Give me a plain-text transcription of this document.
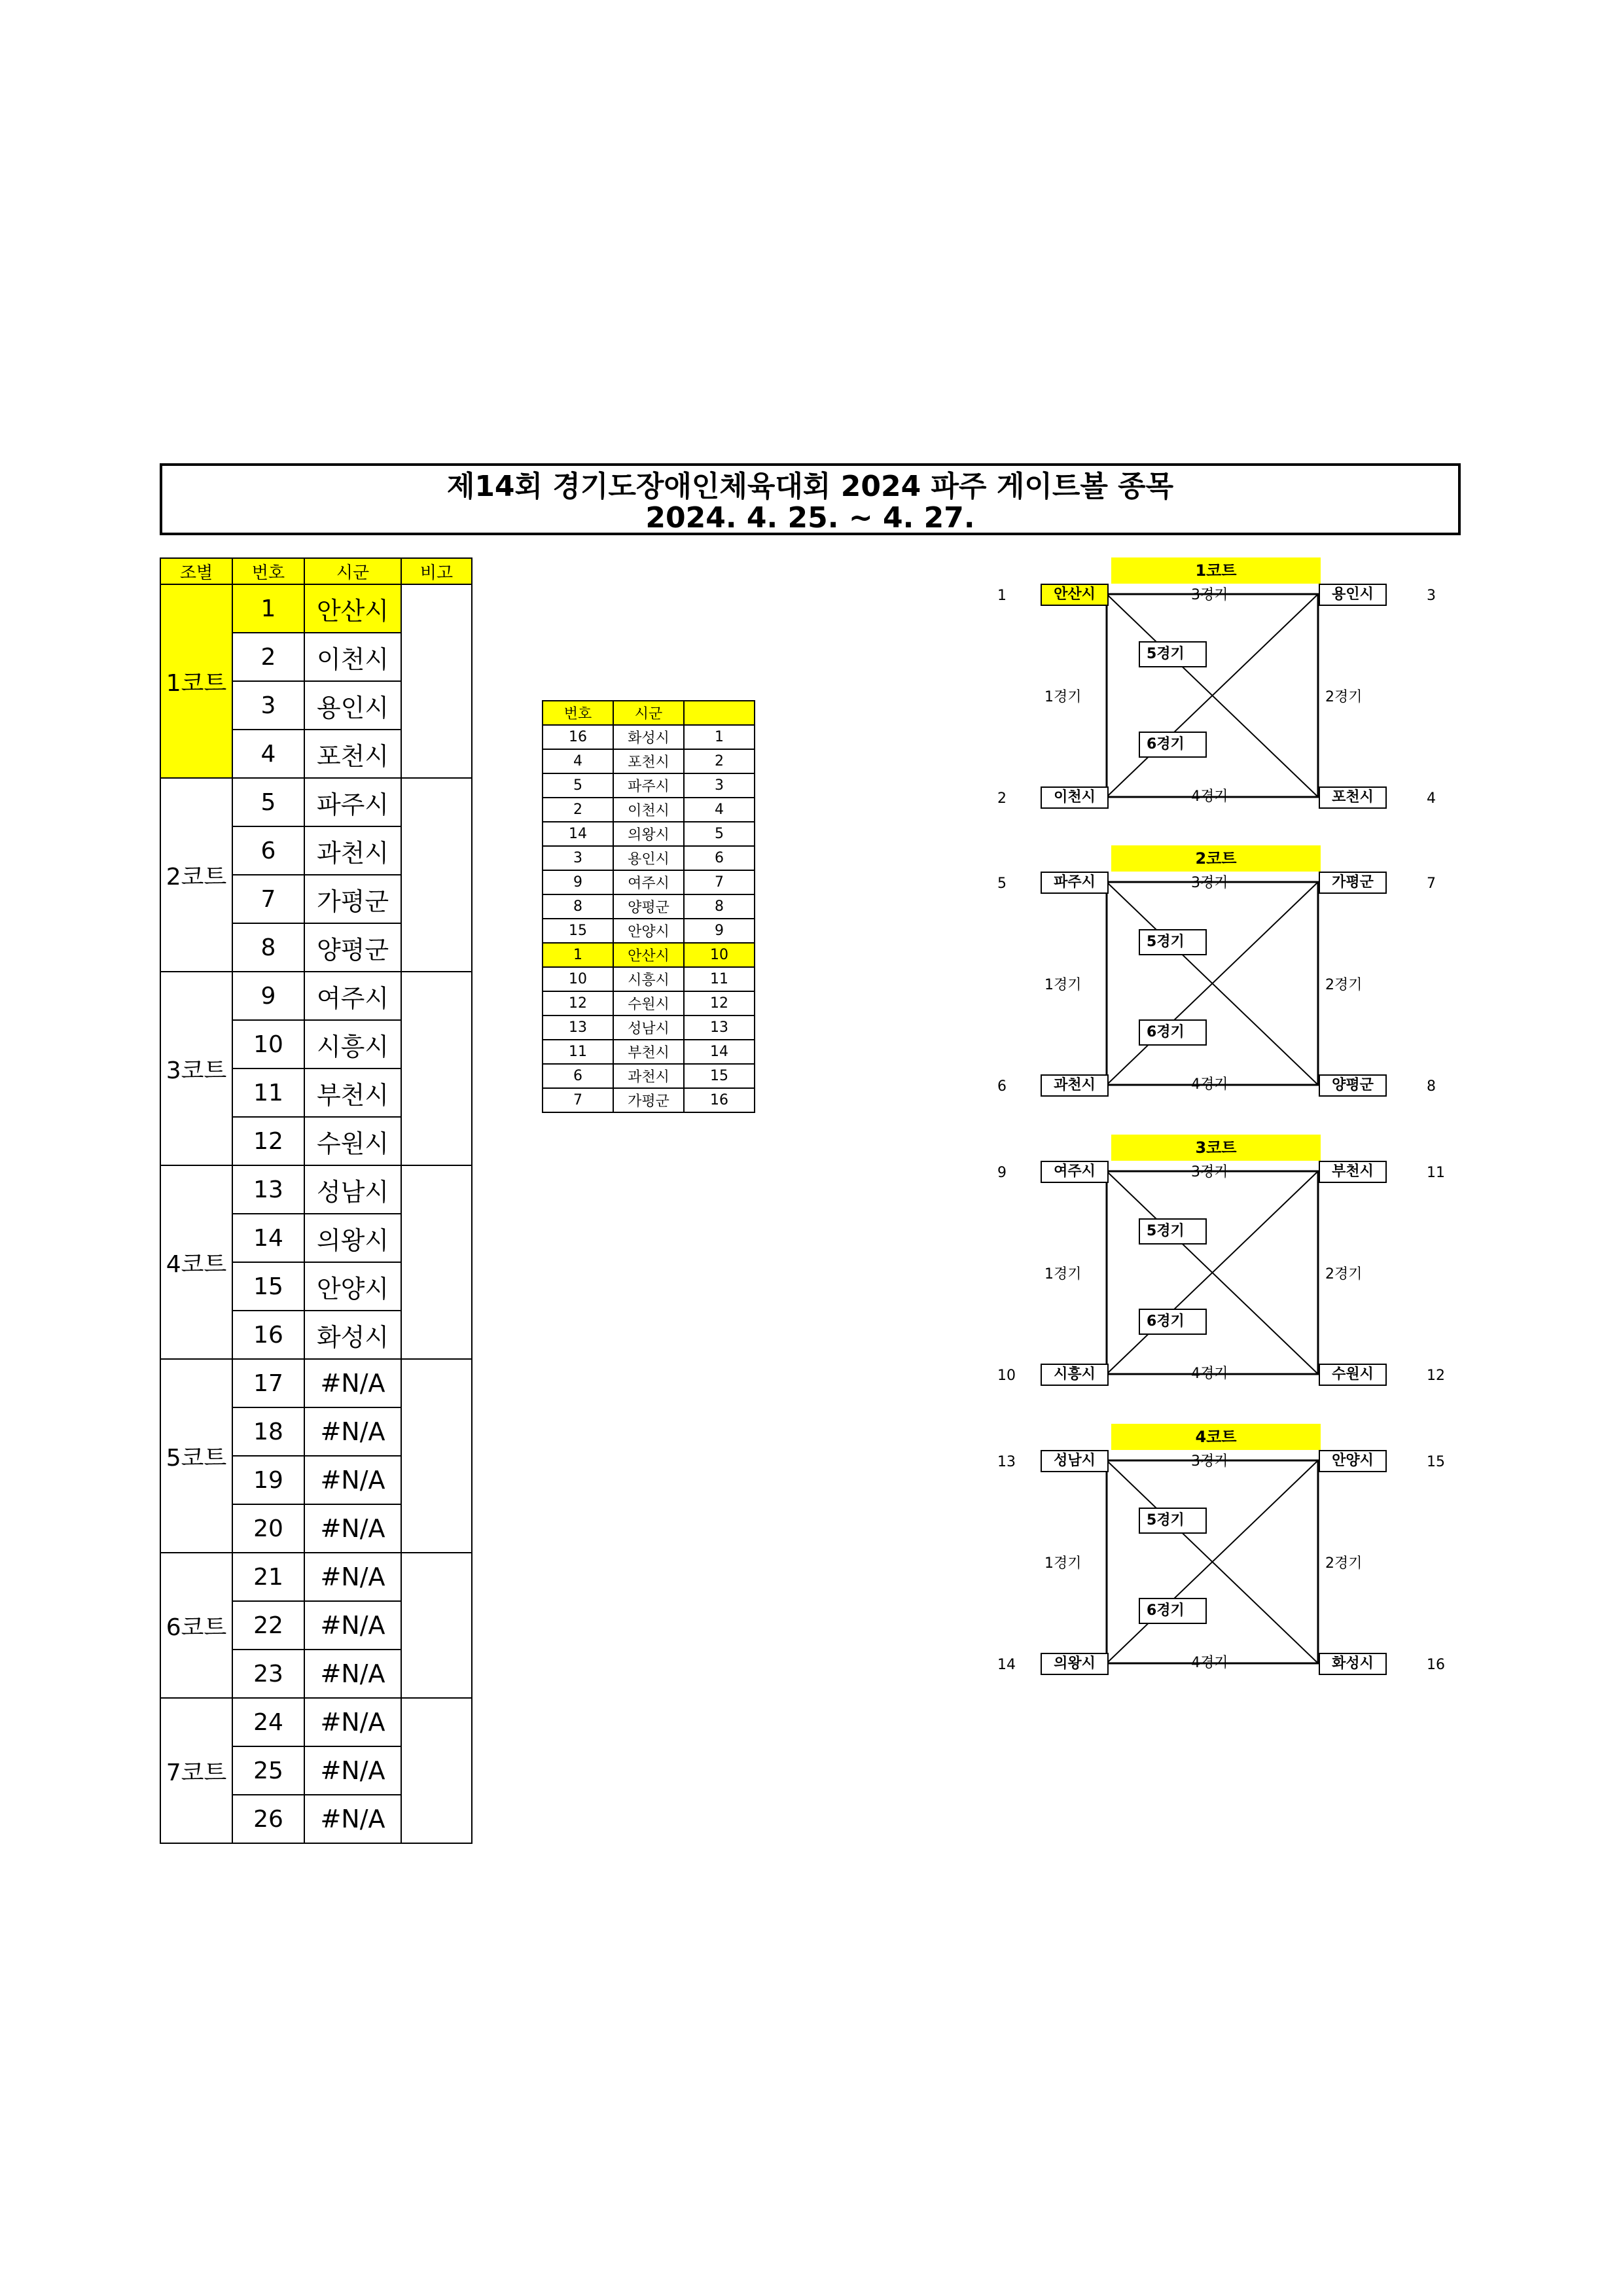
제14회 경기도장애인체육대회 2024 파주 게이트볼 종목
2024. 4. 25. ~ 4. 27.
조별	번호	시군	비고
1코트	1	안산시	
	2	이천시	
	3	용인시	
	4	포천시	
2코트	5	파주시	
	6	과천시	
	7	가평군	
	8	양평군	
3코트	9	여주시	
	10	시흥시	
	11	부천시	
	12	수원시	
4코트	13	성남시	
	14	의왕시	
	15	안양시	
	16	화성시	
5코트	17	#N/A	
	18	#N/A	
	19	#N/A	
	20	#N/A	
6코트	21	#N/A	
	22	#N/A	
	23	#N/A	
7코트	24	#N/A	
	25	#N/A	
	26	#N/A	
번호	시군	
16	화성시	1
4	포천시	2
5	파주시	3
2	이천시	4
14	의왕시	5
3	용인시	6
9	여주시	7
8	양평군	8
15	안양시	9
1	안산시	10
10	시흥시	11
12	수원시	12
13	성남시	13
11	부천시	14
6	과천시	15
7	가평군	16
1코트
1	3
2	4
안산시	용인시
이천시	포천시
3경기
4경기
1경기	2경기
5경기
6경기
2코트
5	7
6	8
파주시	가평군
과천시	양평군
3경기
4경기
1경기	2경기
5경기
6경기
3코트
9	11
10	12
여주시	부천시
시흥시	수원시
3경기
4경기
1경기	2경기
5경기
6경기
4코트
13	15
14	16
성남시	안양시
의왕시	화성시
3경기
4경기
1경기	2경기
5경기
6경기
